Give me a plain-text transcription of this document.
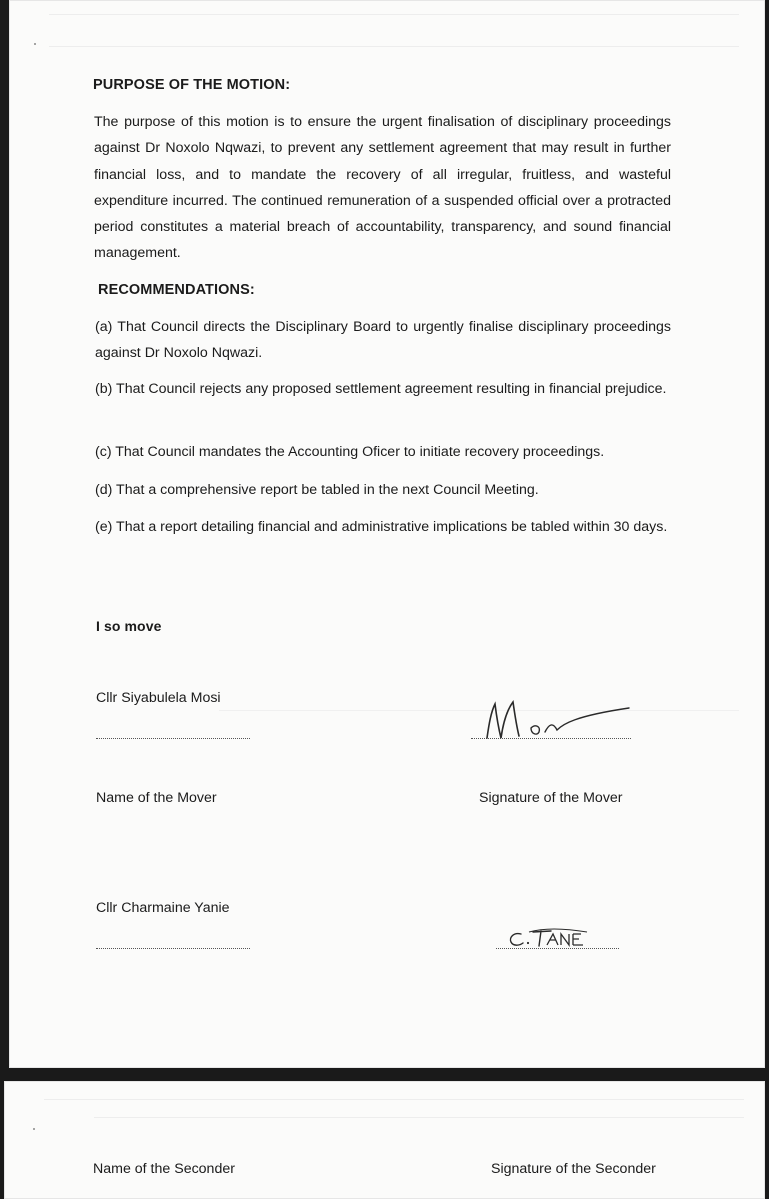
PURPOSE OF THE MOTION:

The purpose of this motion is to ensure the urgent finalisation of disciplinary proceedings against Dr Noxolo Nqwazi, to prevent any settlement agreement that may result in further financial loss, and to mandate the recovery of all irregular, fruitless, and wasteful expenditure incurred. The continued remuneration of a suspended official over a protracted period constitutes a material breach of accountability, transparency, and sound financial management.

RECOMMENDATIONS:

(a) That Council directs the Disciplinary Board to urgently finalise disciplinary proceedings against Dr Noxolo Nqwazi.

(b) That Council rejects any proposed settlement agreement resulting in financial prejudice.

(c) That Council mandates the Accounting Oficer to initiate recovery proceedings.

(d) That a comprehensive report be tabled in the next Council Meeting.

(e) That a report detailing financial and administrative implications be tabled within 30 days.

I so move
Cllr Siyabulela Mosi
Name of the Mover	Signature of the Mover
Cllr Charmaine Yanie
Name of the Seconder	Signature of the Seconder
